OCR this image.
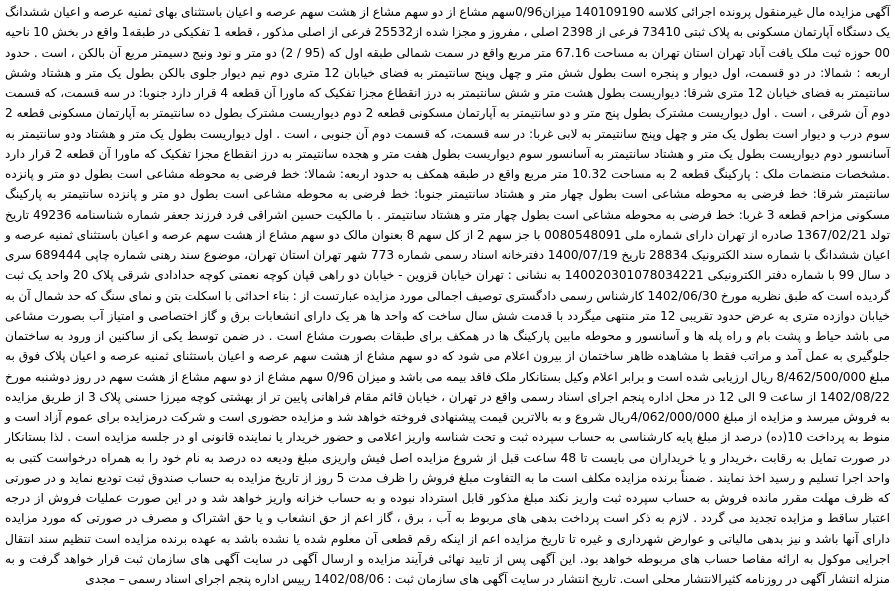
آگهی مزایده مال غیرمنقول پرونده اجرائی کلاسه 140109190 میزان0/96سهم مشاع از دو سهم مشاع از هشت سهم عرصه و اعیان باستثنای بهای ثمنیه عرصه و اعیان ششدانگ یک دستگاه آپارتمان مسکونی به پلاک ثبتی 73410 فرعی از 2398 اصلی ، مفروز و مجزا شده از25532 فرعی از اصلی مذکور ، قطعه 1 تفکیکی در طبقه1 واقع در بخش 10 ناحیه 00 حوزه ثبت ملک یافت آباد تهران استان تهران به مساحت 67.16 متر مربع واقع در سمت شمالی طبقه اول که (95 / 2) دو متر و نود ونیج دسیمتر مربع آن بالکن ، است . حدود اربعه : شمالا: در دو قسمت، اول دیوار و پنجره است بطول شش متر و چهل وپنج سانتیمتر به فضای خیابان 12 متری دوم نیم دیوار جلوی بالکن بطول یک متر و هشتاد وشش سانتیمتر به فضای خیابان 12 متری شرقا: دیواریست بطول هشت متر و شش سانتیمتر به درز انقطاع مجزا تفکیک که ماورا آن قطعه 4 قرار دارد جنوبا: در سه قسمت، که قسمت دوم آن شرقی ، است . اول دیواریست مشترک بطول پنج متر و دو سانتیمتر به آپارتمان مسکونی قطعه 2 دوم دیواریست مشترک بطول ده سانتیمتر به آپارتمان مسکونی قطعه 2 سوم درب و دیوار است بطول یک متر و چهل وپنج سانتیمتر به لابی غربا: در سه قسمت، که قسمت دوم آن جنوبی ، است . اول دیواریست بطول یک متر و هشتاد ودو سانتیمتر به آسانسور دوم دیواریست بطول یک متر و هشتاد سانتیمتر به آسانسور سوم دیواریست بطول هفت متر و هجده سانتیمتر به درز انقطاع مجزا تفکیک که ماورا آن قطعه 2 قرار دارد .مشخصات منضمات ملک : پارکینگ قطعه 2 به مساحت 10.32 متر مربع واقع در طبقه همکف به حدود اربعه: شمالا: خط فرضی به محوطه مشاعی است بطول دو متر و پانزده سانتیمتر شرقا: خط فرضی به محوطه مشاعی است بطول چهار متر و هشتاد سانتیمتر جنوبا: خط فرضی به محوطه مشاعی است بطول دو متر و پانزده سانتیمتر به پارکینگ مسکونی مزاحم قطعه 3 غربا: خط فرضی به محوطه مشاعی است بطول چهار متر و هشتاد سانتیمتر . با مالکیت حسین اشراقی فرد فرزند جعفر شماره شناسنامه 49236 تاریخ تولد 1367/02/21 صادره از تهران دارای شماره ملی 0080548091 با جز سهم 2 از کل سهم 8 بعنوان مالک دو سهم مشاع از هشت سهم عرصه و اعیان باستثنای ثمنیه عرصه و اعیان ششدانگ با شماره سند الکترونیک 28834 تاریخ 1400/07/19 دفترخانه اسناد رسمی شماره 773 شهر تهران استان تهران، موضوع سند رهنی شماره چاپی 689444 سری د سال 99 با شماره دفتر الکترونیکی 140020301078034221 به نشانی : تهران خیابان قزوین - خیابان دو راهی قپان کوچه نعمتی کوچه حدادادی شرقی پلاک 20 واحد یک ثبت گردیده است که طبق نظریه مورخ 1402/06/30 کارشناس رسمی دادگستری توصیف اجمالی مورد مزایده عبارتست از : بناء احداثی با اسکلت بتن و نمای سنگ که حد شمال آن به خیابان دوازده متری به عرض حدود تقریبی 12 متر منتهی میگردد با قدمت شش سال ساخت که واحد ها هر یک دارای انشعابات برق و گاز اختصاصی و امتیاز آب بصورت مشاعی می باشد حیاط و پشت بام و راه پله ها و آسانسور و محوطه مابین پارکینگ ها در همکف برای طبقات بصورت مشاع است . در ضمن توسط یکی از ساکنین از ورود به ساختمان جلوگیری به عمل آمد و مراتب فقط با مشاهده ظاهر ساختمان از بیرون اعلام می شود که دو سهم مشاع از هشت سهم عرصه و اعیان باستثنای ثمنیه عرصه و اعیان پلاک فوق به مبلغ 8/462/500/000 ریال ارزیابی شده است و برابر اعلام وکیل بستانکار ملک فاقد بیمه می باشد و میزان 0/96 سهم مشاع از دو سهم مشاع از هشت سهم در روز دوشنبه مورخ 1402/08/22 از ساعت 9 الی 12 در محل اداره پنجم اجرای اسناد رسمی واقع در تهران ، خیابان قائم مقام فراهانی پایین تر از بهشتی کوچه میرزا حسنی پلاک 3 از طریق مزایده به فروش میرسد و مزایده از مبلغ 4/062/000/000ریال شروع و به بالاترین قیمت پیشنهادی فروخته خواهد شد و مزایده حضوری است و شرکت درمزایده برای عموم آزاد است و منوط به پرداخت 10(ده) درصد از مبلغ پایه کارشناسی به حساب سپرده ثبت و تحت شناسه واریز اعلامی و حضور خریدار یا نماینده قانونی او در جلسه مزایده است . لذا بستانکار در صورت تمایل به رقابت ،خریدار و یا خریداران می بایست تا 48 ساعت قبل از شروع مزایده اصل فیش واریزی مبلغ ودیعه ده درصد به نام خود را به همراه درخواست کتبی به واحد اجرا تسلیم و رسید اخذ نمایند . ضمناً برنده مزایده مکلف است ما به التفاوت مبلغ فروش را ظرف مدت 5 روز از تاریخ مزایده به حساب صندوق ثبت تودیع نماید و در صورتی که ظرف مهلت مقرر مانده فروش به حساب سپرده ثبت واریز نکند مبلغ مذکور قابل استرداد نبوده و به حساب خزانه واریز خواهد شد و در این صورت عملیات فروش از درجه اعتبار ساقط و مزایده تجدید می گردد . لازم به ذکر است پرداخت بدهی های مربوط به آب ، برق ، گاز اعم از حق انشعاب و یا حق اشتراک و مصرف در صورتی که مورد مزایده دارای آنها باشد و نیز بدهی مالیاتی و عوارض شهرداری و غیره تا تاریخ مزایده اعم از اینکه رقم قطعی آن معلوم شده یا نشده باشد به عهده برنده مزایده است تنظیم سند انتقال اجرایی موکول به ارائه مفاصا حساب های مربوطه خواهد بود. این آگهی پس از تایید نهائی فرآیند مزایده و ارسال آگهی در سایت آگهی های سازمان ثبت قرار خواهد گرفت و به منزله انتشار آگهی در روزنامه کثیرالانتشار محلی است. تاریخ انتشار در سایت آگهی های سازمان ثبت : 1402/08/06 رییس اداره پنجم اجرای اسناد رسمی – مجدی
